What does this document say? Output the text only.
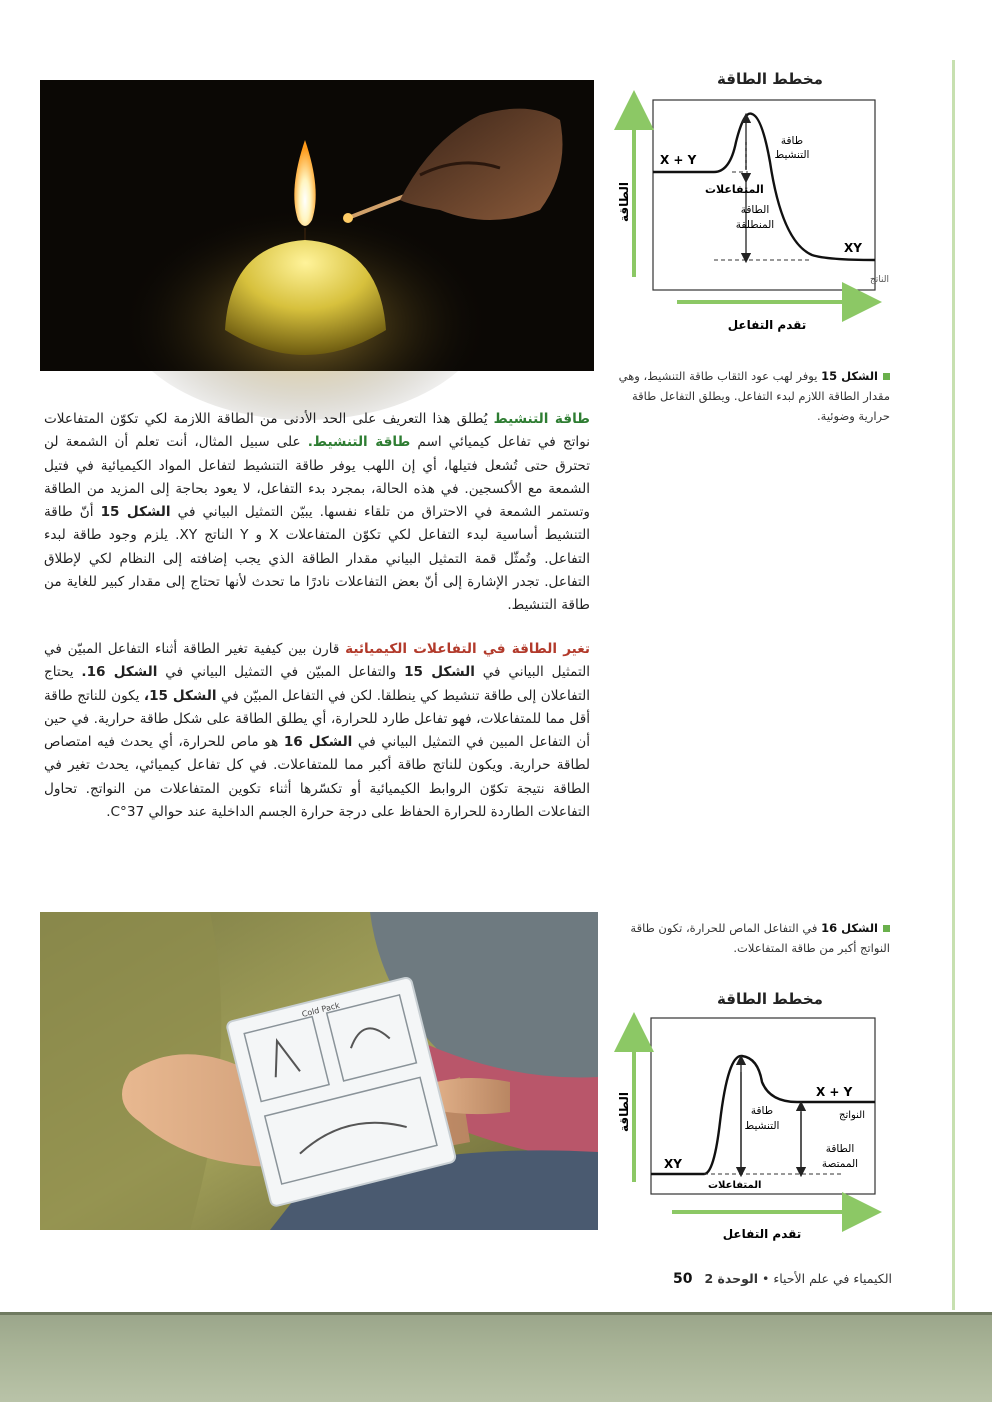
مخطط الطاقة
X + Y
المتفاعلات
طاقة
التنشيط
الطاقة
المنطلقة
XY
الناتج
الطاقة
تقدم التفاعل
الشكل 15 يوفر لهب عود الثقاب طاقة التنشيط، وهي مقدار الطاقة اللازم لبدء التفاعل. ويطلق التفاعل طاقة حرارية وضوئية.
طاقة التنشيط يُطلق هذا التعريف على الحد الأدنى من الطاقة اللازمة لكي تكوّن المتفاعلات نواتج في تفاعل كيميائي اسم طاقة التنشيط. على سبيل المثال، أنت تعلم أن الشمعة لن تحترق حتى تُشعل فتيلها، أي إن اللهب يوفر طاقة التنشيط لتفاعل المواد الكيميائية في فتيل الشمعة مع الأكسجين. في هذه الحالة، بمجرد بدء التفاعل، لا يعود بحاجة إلى المزيد من الطاقة وتستمر الشمعة في الاحتراق من تلقاء نفسها. يبيّن التمثيل البياني في الشكل 15 أنّ طاقة التنشيط أساسية لبدء التفاعل لكي تكوّن المتفاعلات X و Y الناتج XY. يلزم وجود طاقة لبدء التفاعل. وتُمثّل قمة التمثيل البياني مقدار الطاقة الذي يجب إضافته إلى النظام لكي لإطلاق التفاعل. تجدر الإشارة إلى أنّ بعض التفاعلات نادرًا ما تحدث لأنها تحتاج إلى مقدار كبير للغاية من طاقة التنشيط.
تغير الطاقة في التفاعلات الكيميائية قارن بين كيفية تغير الطاقة أثناء التفاعل المبيّن في التمثيل البياني في الشكل 15 والتفاعل المبيّن في التمثيل البياني في الشكل 16. يحتاج التفاعلان إلى طاقة تنشيط كي ينطلقا. لكن في التفاعل المبيّن في الشكل 15، يكون للناتج طاقة أقل مما للمتفاعلات، فهو تفاعل طارد للحرارة، أي يطلق الطاقة على شكل طاقة حرارية. في حين أن التفاعل المبين في التمثيل البياني في الشكل 16 هو ماص للحرارة، أي يحدث فيه امتصاص لطاقة حرارية. ويكون للناتج طاقة أكبر مما للمتفاعلات. في كل تفاعل كيميائي، يحدث تغير في الطاقة نتيجة تكوّن الروابط الكيميائية أو تكسّرها أثناء تكوين المتفاعلات من النواتج. تحاول التفاعلات الطاردة للحرارة الحفاظ على درجة حرارة الجسم الداخلية عند حوالي 37°C.
الشكل 16 في التفاعل الماص للحرارة، تكون طاقة النواتج أكبر من طاقة المتفاعلات.
Cold Pack
مخطط الطاقة
XY
المتفاعلات
X + Y
النواتج
طاقة
التنشيط
الطاقة
الممتصة
الطاقة
تقدم التفاعل
الكيمياء في علم الأحياء • الوحدة 2 50
